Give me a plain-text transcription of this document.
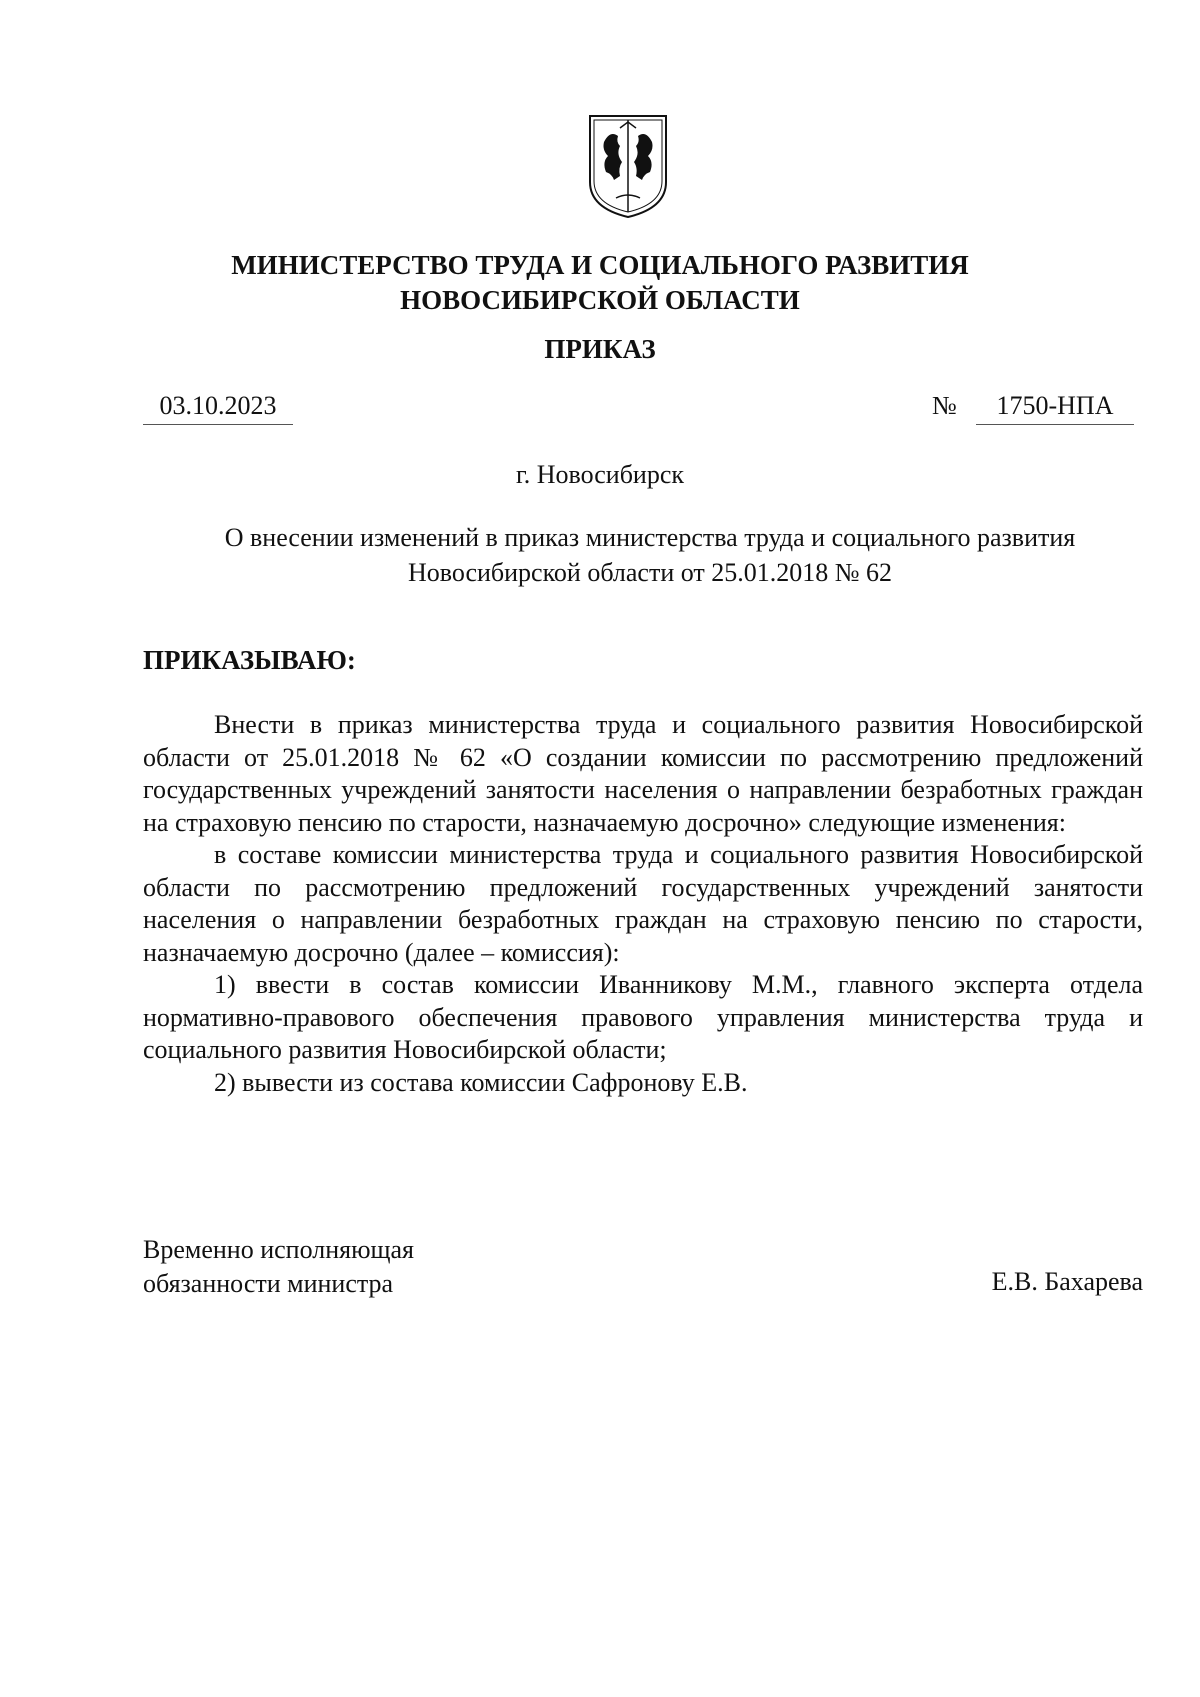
МИНИСТЕРСТВО ТРУДА И СОЦИАЛЬНОГО РАЗВИТИЯ
НОВОСИБИРСКОЙ ОБЛАСТИ
ПРИКАЗ
03.10.2023	№	1750-НПА
г. Новосибирск
О внесении изменений в приказ министерства труда и социального развития Новосибирской области от 25.01.2018 № 62
ПРИКАЗЫВАЮ:

Внести в приказ министерства труда и социального развития Новосибирской области от 25.01.2018 № 62 «О создании комиссии по рассмотрению предложений государственных учреждений занятости населения о направлении безработных граждан на страховую пенсию по старости, назначаемую досрочно» следующие изменения:

в составе комиссии министерства труда и социального развития Новосибирской области по рассмотрению предложений государственных учреждений занятости населения о направлении безработных граждан на страховую пенсию по старости, назначаемую досрочно (далее – комиссия):

1) ввести в состав комиссии Иванникову М.М., главного эксперта отдела нормативно-правового обеспечения правового управления министерства труда и социального развития Новосибирской области;

2) вывести из состава комиссии Сафронову Е.В.

Временно исполняющая
обязанности министра	Е.В. Бахарева
